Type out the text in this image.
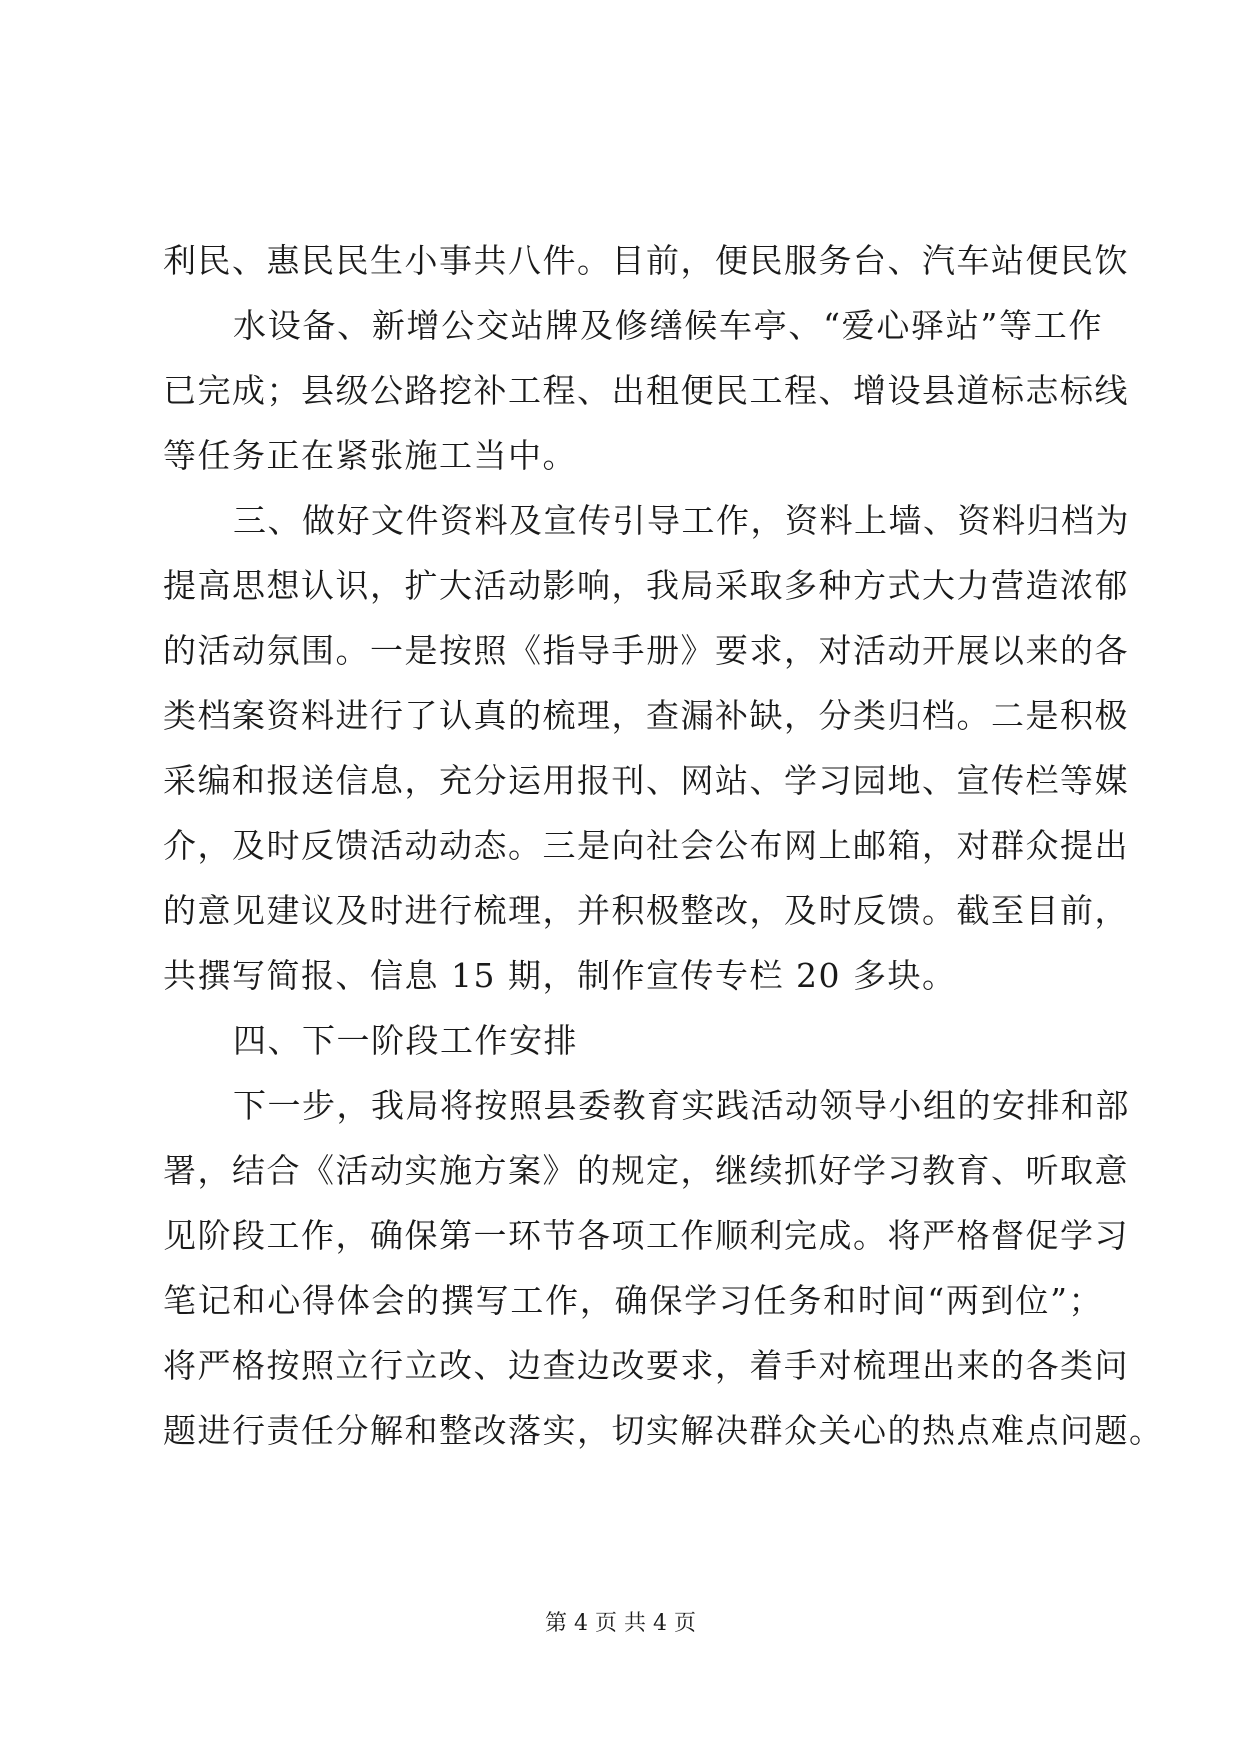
利民、惠民民生小事共八件。目前，便民服务台、汽车站便民饮
水设备、新增公交站牌及修缮候车亭、“爱心驿站”等工作
已完成；县级公路挖补工程、出租便民工程、增设县道标志标线
等任务正在紧张施工当中。
三、做好文件资料及宣传引导工作，资料上墙、资料归档为
提高思想认识，扩大活动影响，我局采取多种方式大力营造浓郁
的活动氛围。一是按照《指导手册》要求，对活动开展以来的各
类档案资料进行了认真的梳理，查漏补缺，分类归档。二是积极
采编和报送信息，充分运用报刊、网站、学习园地、宣传栏等媒
介，及时反馈活动动态。三是向社会公布网上邮箱，对群众提出
的意见建议及时进行梳理，并积极整改，及时反馈。截至目前，
共撰写简报、信息 15 期，制作宣传专栏 20 多块。
四、下一阶段工作安排
下一步，我局将按照县委教育实践活动领导小组的安排和部
署，结合《活动实施方案》的规定，继续抓好学习教育、听取意
见阶段工作，确保第一环节各项工作顺利完成。将严格督促学习
笔记和心得体会的撰写工作，确保学习任务和时间“两到位”；
将严格按照立行立改、边查边改要求，着手对梳理出来的各类问
题进行责任分解和整改落实，切实解决群众关心的热点难点问题。
第 4 页 共 4 页
